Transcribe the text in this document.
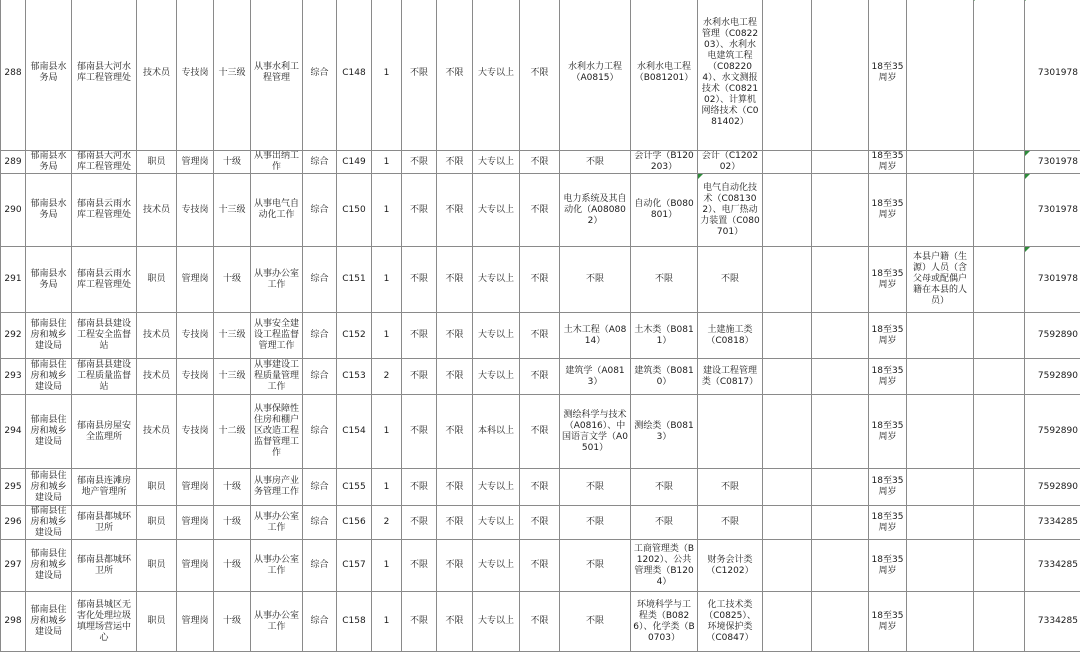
288	郁南县水务局	郁南县大河水库工程管理处	技术员	专技岗	十三级	从事水利工程管理	综合	C148	1	不限	不限	大专以上	不限	水利水力工程（A0815）	水利水电工程（B081201）	水利水电工程管理（C082203）、水利水电建筑工程（C082204）、水文测报技术（C082102）、计算机网络技术（C081402）			18至35周岁			7301978
289	郁南县水务局	郁南县大河水库工程管理处	职员	管理岗	十级	从事出纳工作	综合	C149	1	不限	不限	大专以上	不限	不限	会计学（B120203）	会计（C120202）			18至35周岁			7301978
290	郁南县水务局	郁南县云雨水库工程管理处	技术员	专技岗	十三级	从事电气自动化工作	综合	C150	1	不限	不限	大专以上	不限	电力系统及其自动化（A080802）	自动化（B080801）	电气自动化技术（C081302）、电厂热动力装置（C080701）			18至35周岁			7301978
291	郁南县水务局	郁南县云雨水库工程管理处	职员	管理岗	十级	从事办公室工作	综合	C151	1	不限	不限	大专以上	不限	不限	不限	不限			18至35周岁	本县户籍（生源）人员（含父母或配偶户籍在本县的人员）		7301978
292	郁南县住房和城乡建设局	郁南县县建设工程安全监督站	技术员	专技岗	十三级	从事安全建设工程监督管理工作	综合	C152	1	不限	不限	大专以上	不限	土木工程（A0814）	土木类（B0811）	土建施工类（C0818）			18至35周岁			7592890
293	郁南县住房和城乡建设局	郁南县县建设工程质量监督站	技术员	专技岗	十三级	从事建设工程质量管理工作	综合	C153	2	不限	不限	大专以上	不限	建筑学（A0813）	建筑类（B0810）	建设工程管理类（C0817）			18至35周岁			7592890
294	郁南县住房和城乡建设局	郁南县房屋安全监理所	技术员	专技岗	十二级	从事保障性住房和棚户区改造工程监督管理工作	综合	C154	1	不限	不限	本科以上	不限	测绘科学与技术（A0816）、中国语言文学（A0501）	测绘类（B0813）				18至35周岁			7592890
295	郁南县住房和城乡建设局	郁南县连滩房地产管理所	职员	管理岗	十级	从事房产业务管理工作	综合	C155	1	不限	不限	大专以上	不限	不限	不限	不限			18至35周岁			7592890
296	郁南县住房和城乡建设局	郁南县都城环卫所	职员	管理岗	十级	从事办公室工作	综合	C156	2	不限	不限	大专以上	不限	不限	不限	不限			18至35周岁			7334285
297	郁南县住房和城乡建设局	郁南县都城环卫所	职员	管理岗	十级	从事办公室工作	综合	C157	1	不限	不限	大专以上	不限	不限	工商管理类（B1202）、公共管理类（B1204）	财务会计类（C1202）			18至35周岁			7334285
298	郁南县住房和城乡建设局	郁南县城区无害化处理垃圾填埋场营运中心	职员	管理岗	十级	从事办公室工作	综合	C158	1	不限	不限	大专以上	不限	不限	环境科学与工程类（B0826）、化学类（B0703）	化工技术类（C0825）、环境保护类（C0847）			18至35周岁			7334285
